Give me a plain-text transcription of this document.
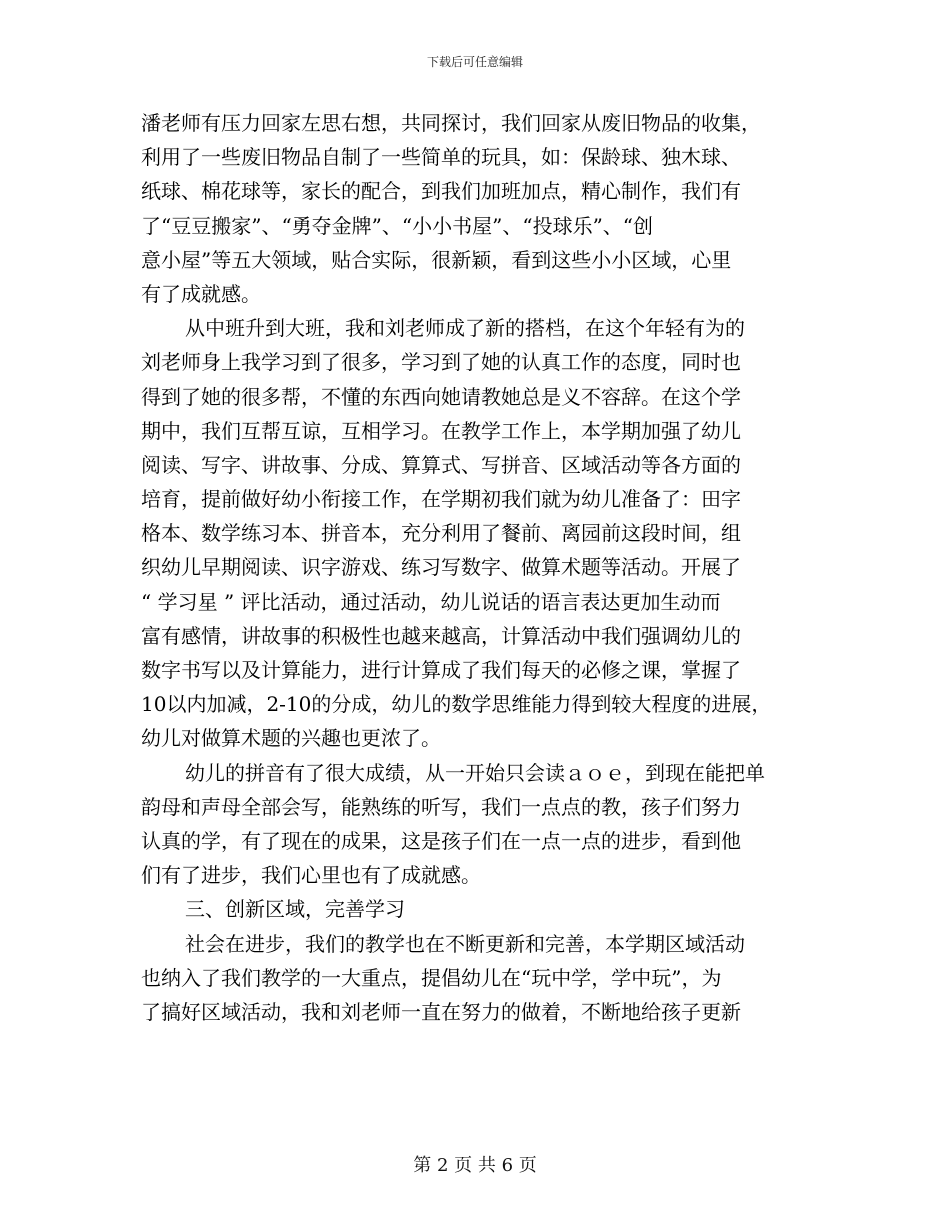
下载后可任意编辑
潘老师有压力回家左思右想，共同探讨，我们回家从废旧物品的收集，
利用了一些废旧物品自制了一些简单的玩具，如：保龄球、独木球、
纸球、棉花球等，家长的配合，到我们加班加点，精心制作，我们有
了“豆豆搬家”、“勇夺金牌”、“小小书屋”、“投球乐”、“创
意小屋”等五大领域，贴合实际，很新颖，看到这些小小区域，心里
有了成就感。
从中班升到大班，我和刘老师成了新的搭档，在这个年轻有为的
刘老师身上我学习到了很多，学习到了她的认真工作的态度，同时也
得到了她的很多帮，不懂的东西向她请教她总是义不容辞。在这个学
期中，我们互帮互谅，互相学习。在教学工作上，本学期加强了幼儿
阅读、写字、讲故事、分成、算算式、写拼音、区域活动等各方面的
培育，提前做好幼小衔接工作，在学期初我们就为幼儿准备了：田字
格本、数学练习本、拼音本，充分利用了餐前、离园前这段时间，组
织幼儿早期阅读、识字游戏、练习写数字、做算术题等活动。开展了
“ 学习星 ” 评比活动，通过活动，幼儿说话的语言表达更加生动而
富有感情，讲故事的积极性也越来越高，计算活动中我们强调幼儿的
数字书写以及计算能力，进行计算成了我们每天的必修之课，掌握了
10以内加减，2-10的分成，幼儿的数学思维能力得到较大程度的进展，
幼儿对做算术题的兴趣也更浓了。
幼儿的拼音有了很大成绩，从一开始只会读ａｏｅ，到现在能把单
韵母和声母全部会写，能熟练的听写，我们一点点的教，孩子们努力
认真的学，有了现在的成果，这是孩子们在一点一点的进步，看到他
们有了进步，我们心里也有了成就感。
三、创新区域，完善学习
社会在进步，我们的教学也在不断更新和完善，本学期区域活动
也纳入了我们教学的一大重点，提倡幼儿在“玩中学，学中玩”，为
了搞好区域活动，我和刘老师一直在努力的做着，不断地给孩子更新
第 2 页 共 6 页
